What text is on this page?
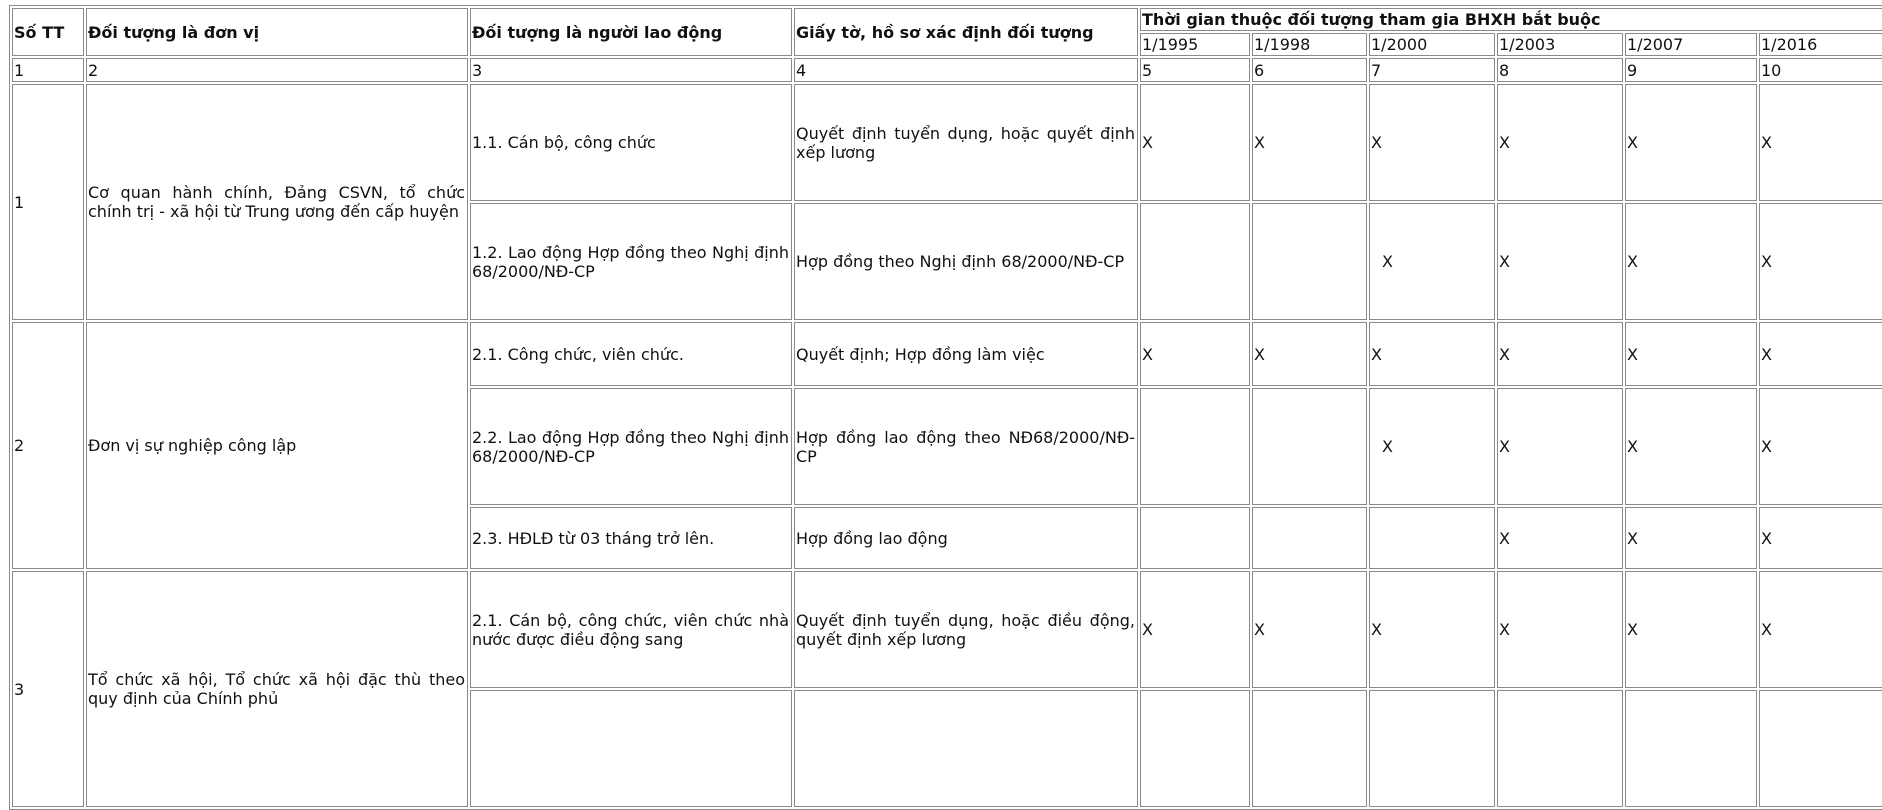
Số TT	Đối tượng là đơn vị	Đối tượng là người lao động	Giấy tờ, hồ sơ xác định đối tượng	Thời gian thuộc đối tượng tham gia BHXH bắt buộc					
				1/1995	1/1998	1/2000	1/2003	1/2007	1/2016
1	2	3	4	5	6	7	8	9	10
1	Cơ quan hành chính, Đảng CSVN, tổ chức chính trị - xã hội từ Trung ương đến cấp huyện	1.1. Cán bộ, công chức	Quyết định tuyển dụng, hoặc quyết định xếp lương	X	X	X	X	X	X
		1.2. Lao động Hợp đồng theo Nghị định 68/2000/NĐ-CP	Hợp đồng theo Nghị định 68/2000/NĐ-CP			X	X	X	X
2	Đơn vị sự nghiệp công lập	2.1. Công chức, viên chức.	Quyết định; Hợp đồng làm việc	X	X	X	X	X	X
		2.2. Lao động Hợp đồng theo Nghị định 68/2000/NĐ-CP	Hợp đồng lao động theo NĐ68/2000/NĐ-CP			X	X	X	X
		2.3. HĐLĐ từ 03 tháng trở lên.	Hợp đồng lao động				X	X	X
3	Tổ chức xã hội, Tổ chức xã hội đặc thù theo quy định của Chính phủ	2.1. Cán bộ, công chức, viên chức nhà nước được điều động sang	Quyết định tuyển dụng, hoặc điều động, quyết định xếp lương	X	X	X	X	X	X
